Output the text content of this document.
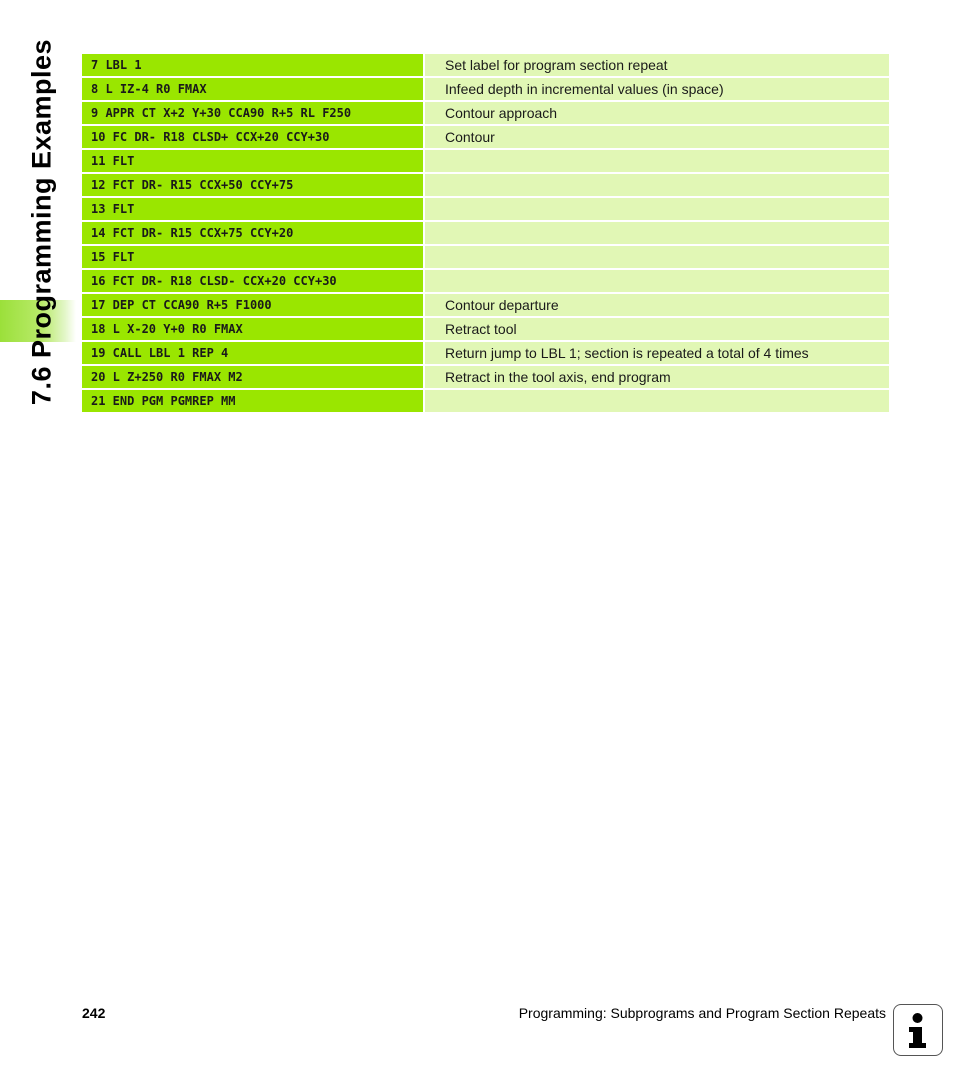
7.6 Programming Examples	7 LBL 1	Set label for program section repeat
8 L IZ-4 R0 FMAX	Infeed depth in incremental values (in space)
9 APPR CT X+2 Y+30 CCA90 R+5 RL F250	Contour approach
10 FC DR- R18 CLSD+ CCX+20 CCY+30	Contour
11 FLT
12 FCT DR- R15 CCX+50 CCY+75
13 FLT
14 FCT DR- R15 CCX+75 CCY+20
15 FLT
16 FCT DR- R18 CLSD- CCX+20 CCY+30
17 DEP CT CCA90 R+5 F1000	Contour departure
18 L X-20 Y+0 R0 FMAX	Retract tool
19 CALL LBL 1 REP 4	Return jump to LBL 1; section is repeated a total of 4 times
20 L Z+250 R0 FMAX M2	Retract in the tool axis, end program
21 END PGM PGMREP MM
242	Programming: Subprograms and Program Section Repeats
